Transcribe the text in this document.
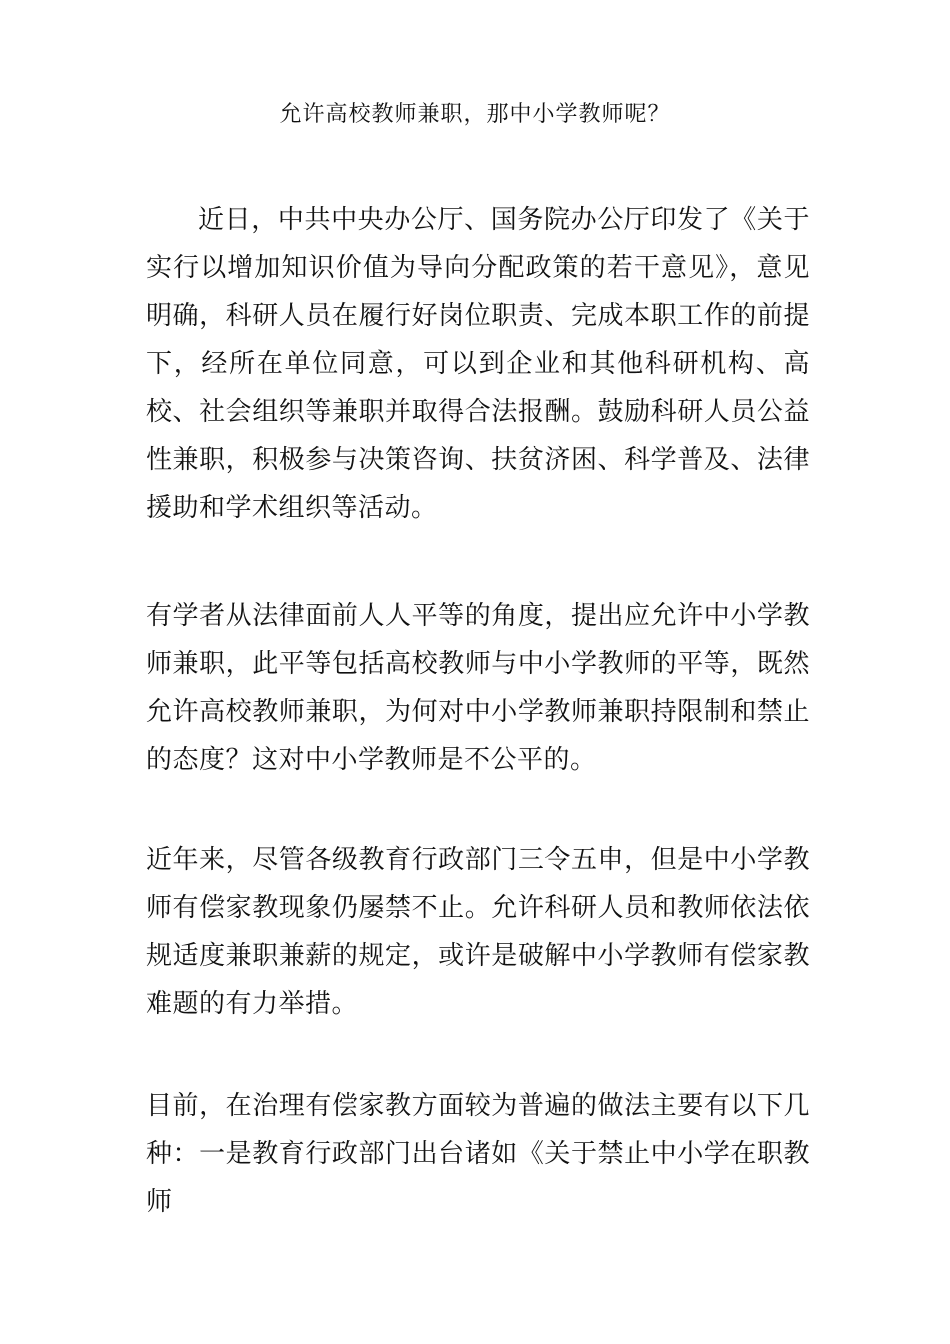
允许高校教师兼职，那中小学教师呢？

近日，中共中央办公厅、国务院办公厅印发了《关于实行以增加知识价值为导向分配政策的若干意见》，意见明确，科研人员在履行好岗位职责、完成本职工作的前提下，经所在单位同意，可以到企业和其他科研机构、高校、社会组织等兼职并取得合法报酬。鼓励科研人员公益性兼职，积极参与决策咨询、扶贫济困、科学普及、法律援助和学术组织等活动。

有学者从法律面前人人平等的角度，提出应允许中小学教师兼职，此平等包括高校教师与中小学教师的平等，既然允许高校教师兼职，为何对中小学教师兼职持限制和禁止的态度？这对中小学教师是不公平的。

近年来，尽管各级教育行政部门三令五申，但是中小学教师有偿家教现象仍屡禁不止。允许科研人员和教师依法依规适度兼职兼薪的规定，或许是破解中小学教师有偿家教难题的有力举措。

目前，在治理有偿家教方面较为普遍的做法主要有以下几种：一是教育行政部门出台诸如《关于禁止中小学在职教师
